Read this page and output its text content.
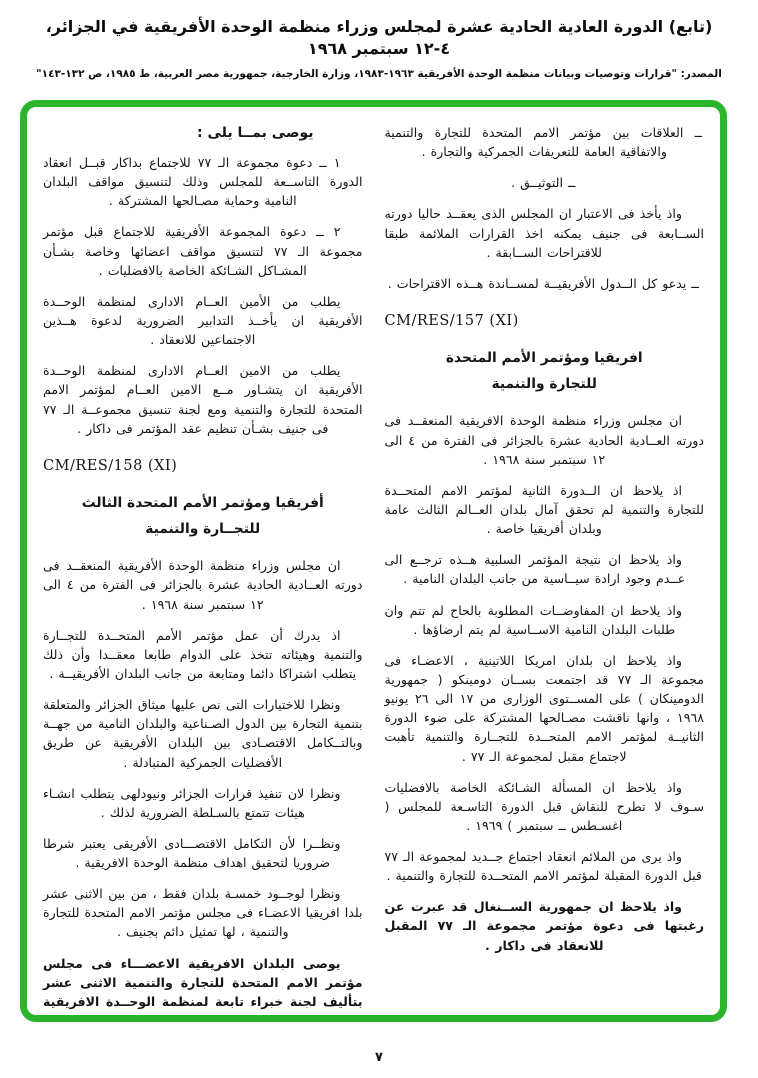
(تابع) الدورة العادية الحادية عشرة لمجلس وزراء منظمة الوحدة الأفريقية في الجزائر، ٤-١٢ سبتمبر ١٩٦٨
المصدر: "قرارات وتوصيات وبيانات منظمة الوحدة الأفريقية ١٩٦٣-١٩٨٣، وزارة الخارجية، جمهورية مصر العربية، ط ١٩٨٥، ص ١٣٢-١٤٣"
ــ العلاقات بين مؤتمر الامم المتحدة للتجارة والتنمية والاتفاقية العامة للتعريفات الجمركية والتجارة .
ــ التوثيــق .
واذ يأخذ فى الاعتبار ان المجلس الذى يعقــد حاليا دورته الســابعة فى جنيف يمكنه اخذ القرارات الملائمة طبقا للاقتراحات الســابقة .
ــ يدعو كل الــدول الأفريقيــة لمســاندة هــذه الاقتراحات .
CM/RES/157 (XI)
افريقيا ومؤتمر الأمم المتحدة
للتجارة والتنمية
ان مجلس وزراء منظمة الوحدة الافريقية المنعقــد فى دورته العــادية الحادية عشرة بالجزائر فى الفترة من ٤ الى ١٢ سبتمبر سنة ١٩٦٨ .
اذ يلاحظ ان الــدورة الثانية لمؤتمر الامم المتحــدة للتجارة والتنمية لم تحقق آمال بلدان العــالم الثالث عامة وبلدان أفريقيا خاصة .
واذ يلاحظ ان نتيجة المؤتمر السلبية هــذه ترجــع الى عــدم وجود ارادة سيــاسية من جانب البلدان النامية .
واذ يلاحظ ان المفاوضــات المطلوبة بالحاح لم تتم وان طلبات البلدان النامية الاســاسية لم يتم ارضاؤها .
واذ يلاحظ ان بلدان امريكا اللاتينية ، الاعضـاء فى مجموعة الـ ٧٧ قد اجتمعت بســان دومينكو ( جمهورية الدومينكان ) على المســتوى الوزارى من ١٧ الى ٢٦ يونيو ١٩٦٨ ، وانها ناقشت مصـالحها المشتركة على ضوء الدورة الثانيــة لمؤتمر الامم المتحــدة للتجــارة والتنمية تأهبت لاجتماع مقبل لمجموعة الـ ٧٧ .
واذ يلاحظ ان المسألة الشـائكة الخاصة بالافضليات سـوف لا تطرح للنقاش قبل الدورة التاسـعة للمجلس ( اغسـطس ــ سبتمبر ) ١٩٦٩ .
واذ يرى من الملائم انعقاد اجتماع جــديد لمجموعة الـ ٧٧ قبل الدورة المقبلة لمؤتمر الامم المتحــدة للتجارة والتنمية .
واذ يلاحظ ان جمهورية الســنغال قد عبرت عن رغبتها فى دعوة مؤتمر مجموعة الـ ٧٧ المقبل للانعقاد فى داكار .
يوصى بمــا يلى :
١ ــ دعوة مجموعة الـ ٧٧ للاجتماع بداكار قبــل انعقاد الدورة التاســعة للمجلس وذلك لتنسيق مواقف البلدان النامية وحماية مصـالحها المشتركة .
٢ ــ دعوة المجموعة الأفريقية للاجتماع قبل مؤتمر مجموعة الـ ٧٧ لتنسيق مواقف اعضائها وخاصة بشـأن المشـاكل الشـائكة الخاصة بالافضليات .
يطلب من الأمين العــام الادارى لمنظمة الوحــدة الأفريقية ان يأخــذ التدابير الضرورية لدعوة هــذين الاجتماعين للانعقاد .
يطلب من الامين العــام الادارى لمنظمة الوحــدة الأفريقية ان يتشـاور مــع الامين العــام لمؤتمر الامم المتحدة للتجارة والتنمية ومع لجنة تنسيق مجموعــة الـ ٧٧ فى جنيف بشـأن تنظيم عقد المؤتمر فى داكار .
CM/RES/158 (XI)
أفريقيا ومؤتمر الأمم المتحدة الثالث
للتجــارة والتنمية
ان مجلس وزراء منظمة الوحدة الأفريقية المنعقــد فى دورته العــادية الحادية عشرة بالجزائر فى الفترة من ٤ الى ١٢ سبتمبر سنة ١٩٦٨ .
اذ يدرك أن عمل مؤتمر الأمم المتحــدة للتجــارة والتنمية وهيئاته تتخذ على الدوام طابعا معقــدا وأن ذلك يتطلب اشتراكا دائما ومتابعة من جانب البلدان الأفريقيــة .
ونظرا للاختيارات التى نص عليها ميثاق الجزائر والمتعلقة بتنمية التجارة بين الدول الصـناعية والبلدان النامية من جهــة وبالتــكامل الاقتصـادى بين البلدان الأفريقية عن طريق الأفضليات الجمركية المتبادلة .
ونظرا لان تنفيذ قرارات الجزائر ونيودلهى يتطلب انشـاء هيئات تتمتع بالسـلطة الضرورية لذلك .
ونظــرا لأن التكامل الاقتصـــادى الأفريقى يعتبر شرطا ضروريا لتحقيق اهداف منظمة الوحدة الافريقية .
ونظرا لوجــود خمسـة بلدان فقط ، من بين الاثنى عشر بلدا افريقيا الاعضـاء فى مجلس مؤتمر الامم المتحدة للتجارة والتنمية ، لها تمثيل دائم بجنيف .
يوصى البلدان الافريقية الاعضـــاء فى مجلس مؤتمر الامم المتحدة للتجارة والتنمية الاثنى عشر بتأليف لجنة خبراء تابعة لمنظمة الوحــدة الافريقية تكلف بالسـهر
٧
